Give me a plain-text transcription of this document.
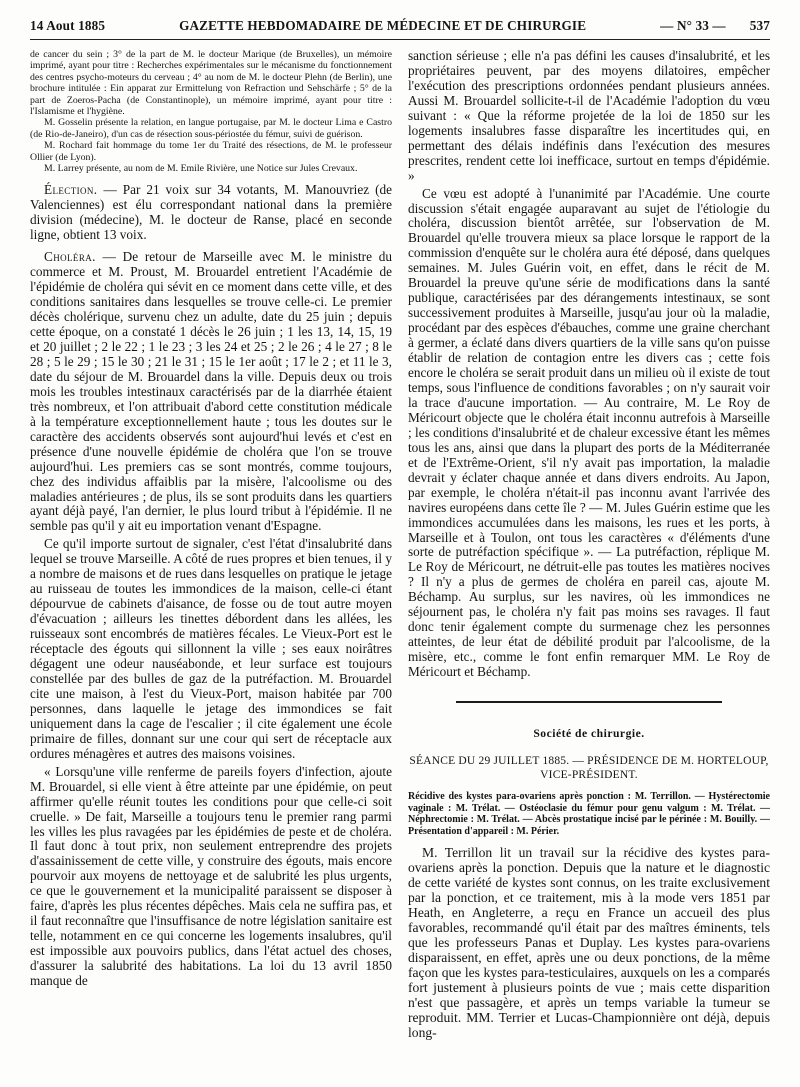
14 Aout 1885	GAZETTE HEBDOMADAIRE DE MÉDECINE ET DE CHIRURGIE	— N° 33 — 537

de cancer du sein ; 3° de la part de M. le docteur Marique (de Bruxelles), un mémoire imprimé, ayant pour titre : Recherches expérimentales sur le mécanisme du fonctionnement des centres psycho-moteurs du cerveau ; 4° au nom de M. le docteur Plehn (de Berlin), une brochure intitulée : Ein apparat zur Ermittelung von Refraction und Sehschärfe ; 5° de la part de Zoeros-Pacha (de Constantinople), un mémoire imprimé, ayant pour titre : l'Islamisme et l'hygiène.

M. Gosselin présente la relation, en langue portugaise, par M. le docteur Lima e Castro (de Rio-de-Janeiro), d'un cas de résection sous-périostée du fémur, suivi de guérison.

M. Rochard fait hommage du tome 1er du Traité des résections, de M. le professeur Ollier (de Lyon).

M. Larrey présente, au nom de M. Emile Rivière, une Notice sur Jules Crevaux.

Élection. — Par 21 voix sur 34 votants, M. Manouvriez (de Valenciennes) est élu correspondant national dans la première division (médecine), M. le docteur de Ranse, placé en seconde ligne, obtient 13 voix.

Choléra. — De retour de Marseille avec M. le ministre du commerce et M. Proust, M. Brouardel entretient l'Académie de l'épidémie de choléra qui sévit en ce moment dans cette ville, et des conditions sanitaires dans lesquelles se trouve celle-ci. Le premier décès cholérique, survenu chez un adulte, date du 25 juin ; depuis cette époque, on a constaté 1 décès le 26 juin ; 1 les 13, 14, 15, 19 et 20 juillet ; 2 le 22 ; 1 le 23 ; 3 les 24 et 25 ; 2 le 26 ; 4 le 27 ; 8 le 28 ; 5 le 29 ; 15 le 30 ; 21 le 31 ; 15 le 1er août ; 17 le 2 ; et 11 le 3, date du séjour de M. Brouardel dans la ville. Depuis deux ou trois mois les troubles intestinaux caractérisés par de la diarrhée étaient très nombreux, et l'on attribuait d'abord cette constitution médicale à la température exceptionnellement haute ; tous les doutes sur le caractère des accidents observés sont aujourd'hui levés et c'est en présence d'une nouvelle épidémie de choléra que l'on se trouve aujourd'hui. Les premiers cas se sont montrés, comme toujours, chez des individus affaiblis par la misère, l'alcoolisme ou des maladies antérieures ; de plus, ils se sont produits dans les quartiers ayant déjà payé, l'an dernier, le plus lourd tribut à l'épidémie. Il ne semble pas qu'il y ait eu importation venant d'Espagne.

Ce qu'il importe surtout de signaler, c'est l'état d'insalubrité dans lequel se trouve Marseille. A côté de rues propres et bien tenues, il y a nombre de maisons et de rues dans lesquelles on pratique le jetage au ruisseau de toutes les immondices de la maison, celle-ci étant dépourvue de cabinets d'aisance, de fosse ou de tout autre moyen d'évacuation ; ailleurs les tinettes débordent dans les allées, les ruisseaux sont encombrés de matières fécales. Le Vieux-Port est le réceptacle des égouts qui sillonnent la ville ; ses eaux noirâtres dégagent une odeur nauséabonde, et leur surface est toujours constellée par des bulles de gaz de la putréfaction. M. Brouardel cite une maison, à l'est du Vieux-Port, maison habitée par 700 personnes, dans laquelle le jetage des immondices se fait uniquement dans la cage de l'escalier ; il cite également une école primaire de filles, donnant sur une cour qui sert de réceptacle aux ordures ménagères et autres des maisons voisines.

« Lorsqu'une ville renferme de pareils foyers d'infection, ajoute M. Brouardel, si elle vient à être atteinte par une épidémie, on peut affirmer qu'elle réunit toutes les conditions pour que celle-ci soit cruelle. » De fait, Marseille a toujours tenu le premier rang parmi les villes les plus ravagées par les épidémies de peste et de choléra. Il faut donc à tout prix, non seulement entreprendre des projets d'assainissement de cette ville, y construire des égouts, mais encore pourvoir aux moyens de nettoyage et de salubrité les plus urgents, ce que le gouvernement et la municipalité paraissent se disposer à faire, d'après les plus récentes dépêches. Mais cela ne suffira pas, et il faut reconnaître que l'insuffisance de notre législation sanitaire est telle, notamment en ce qui concerne les logements insalubres, qu'il est impossible aux pouvoirs publics, dans l'état actuel des choses, d'assurer la salubrité des habitations. La loi du 13 avril 1850 manque de

sanction sérieuse ; elle n'a pas défini les causes d'insalubrité, et les propriétaires peuvent, par des moyens dilatoires, empêcher l'exécution des prescriptions ordonnées pendant plusieurs années. Aussi M. Brouardel sollicite-t-il de l'Académie l'adoption du vœu suivant : « Que la réforme projetée de la loi de 1850 sur les logements insalubres fasse disparaître les incertitudes qui, en permettant des délais indéfinis dans l'exécution des mesures prescrites, rendent cette loi inefficace, surtout en temps d'épidémie. »

Ce vœu est adopté à l'unanimité par l'Académie. Une courte discussion s'était engagée auparavant au sujet de l'étiologie du choléra, discussion bientôt arrêtée, sur l'observation de M. Brouardel qu'elle trouvera mieux sa place lorsque le rapport de la commission d'enquête sur le choléra aura été déposé, dans quelques semaines. M. Jules Guérin voit, en effet, dans le récit de M. Brouardel la preuve qu'une série de modifications dans la santé publique, caractérisées par des dérangements intestinaux, se sont successivement produites à Marseille, jusqu'au jour où la maladie, procédant par des espèces d'ébauches, comme une graine cherchant à germer, a éclaté dans divers quartiers de la ville sans qu'on puisse établir de relation de contagion entre les divers cas ; cette fois encore le choléra se serait produit dans un milieu où il existe de tout temps, sous l'influence de conditions favorables ; on n'y saurait voir la trace d'aucune importation. — Au contraire, M. Le Roy de Méricourt objecte que le choléra était inconnu autrefois à Marseille ; les conditions d'insalubrité et de chaleur excessive étant les mêmes tous les ans, ainsi que dans la plupart des ports de la Méditerranée et de l'Extrême-Orient, s'il n'y avait pas importation, la maladie devrait y éclater chaque année et dans divers endroits. Au Japon, par exemple, le choléra n'était-il pas inconnu avant l'arrivée des navires européens dans cette île ? — M. Jules Guérin estime que les immondices accumulées dans les maisons, les rues et les ports, à Marseille et à Toulon, ont tous les caractères « d'éléments d'une sorte de putréfaction spécifique ». — La putréfaction, réplique M. Le Roy de Méricourt, ne détruit-elle pas toutes les matières nocives ? Il n'y a plus de germes de choléra en pareil cas, ajoute M. Béchamp. Au surplus, sur les navires, où les immondices ne séjournent pas, le choléra n'y fait pas moins ses ravages. Il faut donc tenir également compte du surmenage chez les personnes atteintes, de leur état de débilité produit par l'alcoolisme, de la misère, etc., comme le font enfin remarquer MM. Le Roy de Méricourt et Béchamp.

Société de chirurgie.
SÉANCE DU 29 JUILLET 1885. — PRÉSIDENCE DE M. HORTELOUP,
VICE-PRÉSIDENT.
Récidive des kystes para-ovariens après ponction : M. Terrillon. — Hystérectomie vaginale : M. Trélat. — Ostéoclasie du fémur pour genu valgum : M. Trélat. — Néphrectomie : M. Trélat. — Abcès prostatique incisé par le périnée : M. Bouilly. — Présentation d'appareil : M. Périer.

M. Terrillon lit un travail sur la récidive des kystes para-ovariens après la ponction. Depuis que la nature et le diagnostic de cette variété de kystes sont connus, on les traite exclusivement par la ponction, et ce traitement, mis à la mode vers 1851 par Heath, en Angleterre, a reçu en France un accueil des plus favorables, recommandé qu'il était par des maîtres éminents, tels que les professeurs Panas et Duplay. Les kystes para-ovariens disparaissent, en effet, après une ou deux ponctions, de la même façon que les kystes para-testiculaires, auxquels on les a comparés fort justement à plusieurs points de vue ; mais cette disparition n'est que passagère, et après un temps variable la tumeur se reproduit. MM. Terrier et Lucas-Championnière ont déjà, depuis long-
